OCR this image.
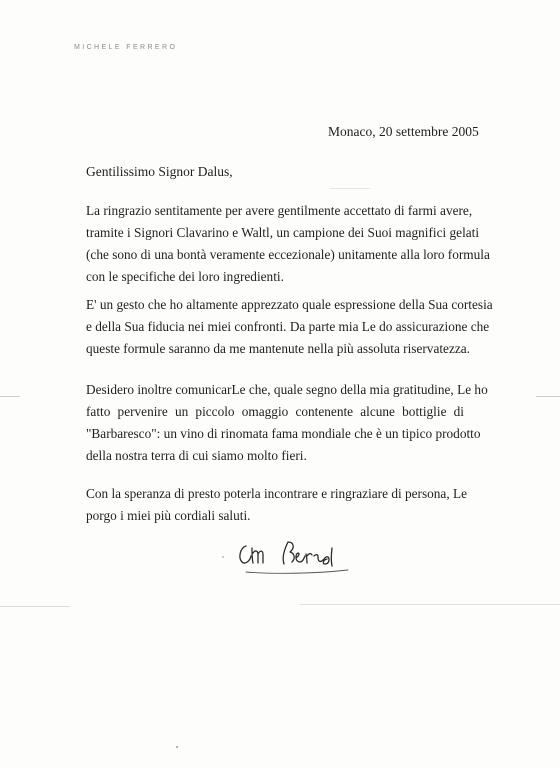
MICHELE FERRERO
Monaco, 20 settembre 2005
Gentilissimo Signor Dalus,
La ringrazio sentitamente per avere gentilmente accettato di farmi avere,
tramite i Signori Clavarino e Waltl, un campione dei Suoi magnifici gelati
(che sono di una bontà veramente eccezionale) unitamente alla loro formula
con le specifiche dei loro ingredienti.
E' un gesto che ho altamente apprezzato quale espressione della Sua cortesia
e della Sua fiducia nei miei confronti. Da parte mia Le do assicurazione che
queste formule saranno da me mantenute nella più assoluta riservatezza.
Desidero inoltre comunicarLe che, quale segno della mia gratitudine, Le ho
fatto pervenire un piccolo omaggio contenente alcune bottiglie di
"Barbaresco": un vino di rinomata fama mondiale che è un tipico prodotto
della nostra terra di cui siamo molto fieri.
Con la speranza di presto poterla incontrare e ringraziare di persona, Le
porgo i miei più cordiali saluti.
